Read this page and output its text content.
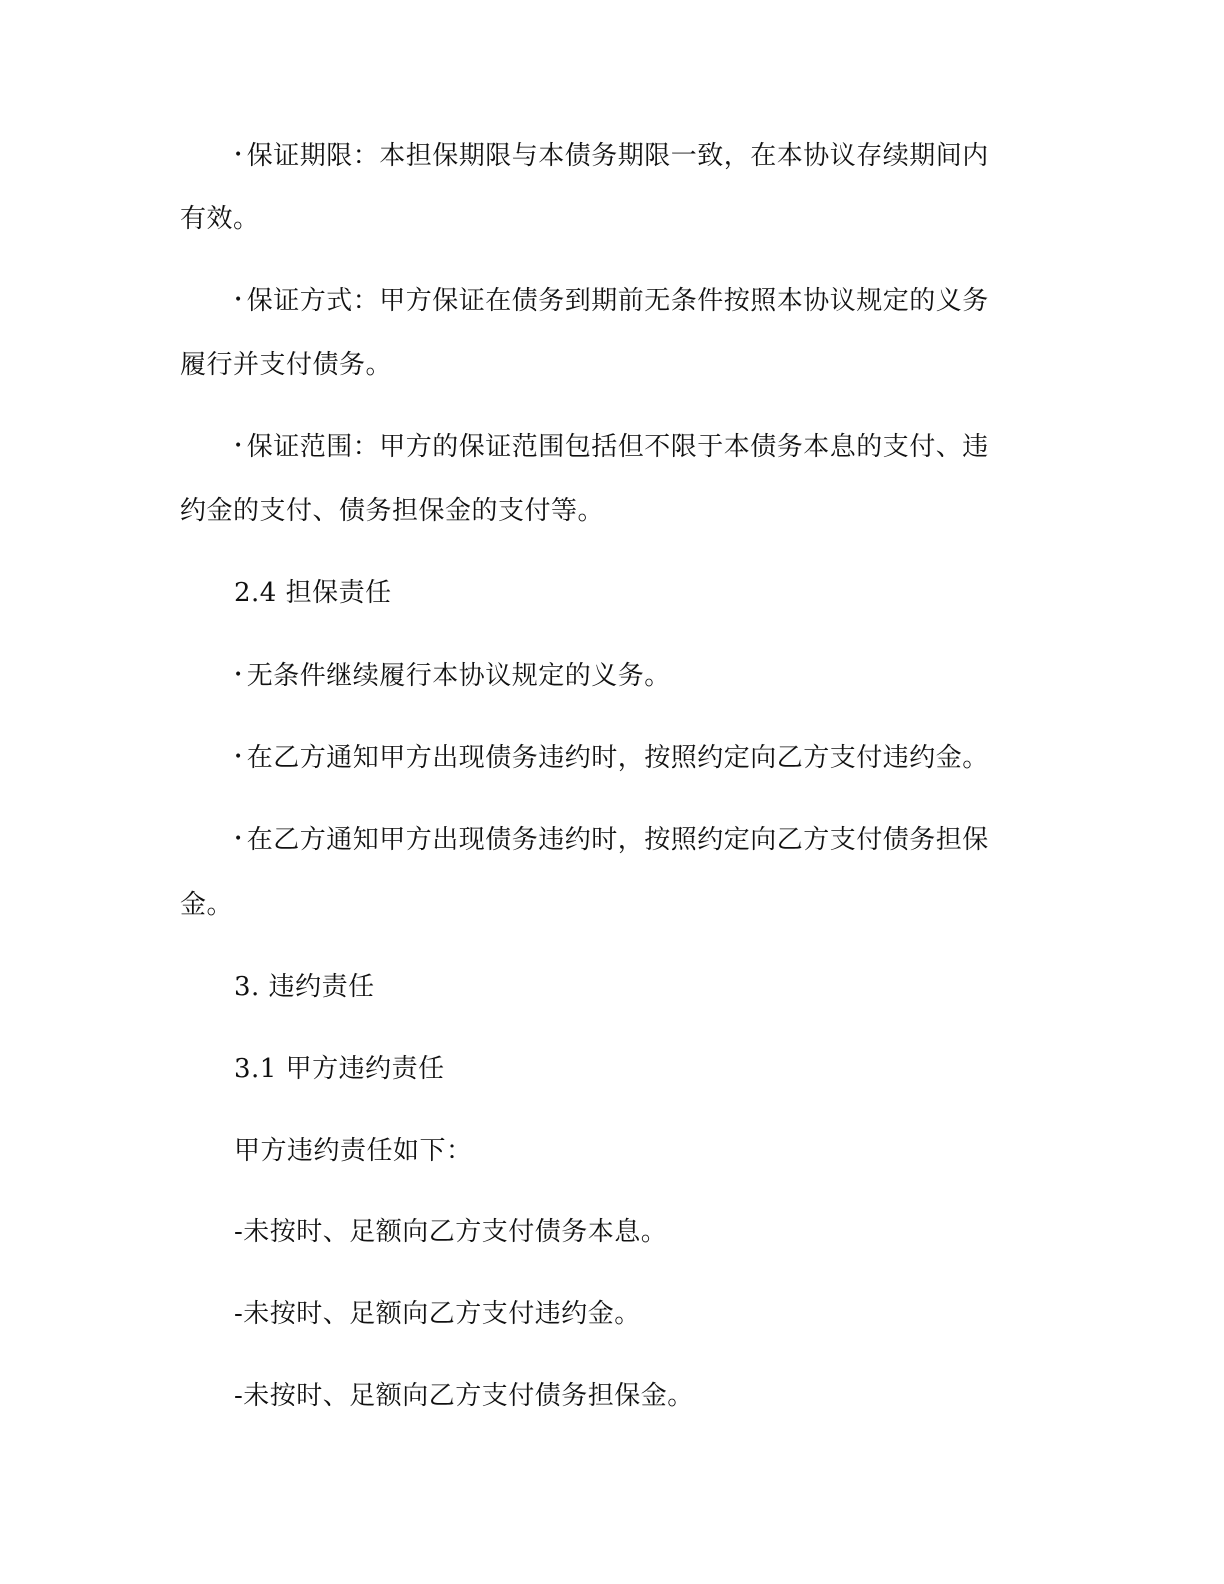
• 保证期限：本担保期限与本债务期限一致，在本协议存续期间内
有效。
• 保证方式：甲方保证在债务到期前无条件按照本协议规定的义务
履行并支付债务。
• 保证范围：甲方的保证范围包括但不限于本债务本息的支付、违
约金的支付、债务担保金的支付等。
2.4 担保责任
• 无条件继续履行本协议规定的义务。
• 在乙方通知甲方出现债务违约时，按照约定向乙方支付违约金。
• 在乙方通知甲方出现债务违约时，按照约定向乙方支付债务担保
金。
3. 违约责任
3.1 甲方违约责任
甲方违约责任如下：
-未按时、足额向乙方支付债务本息。
-未按时、足额向乙方支付违约金。
-未按时、足额向乙方支付债务担保金。
